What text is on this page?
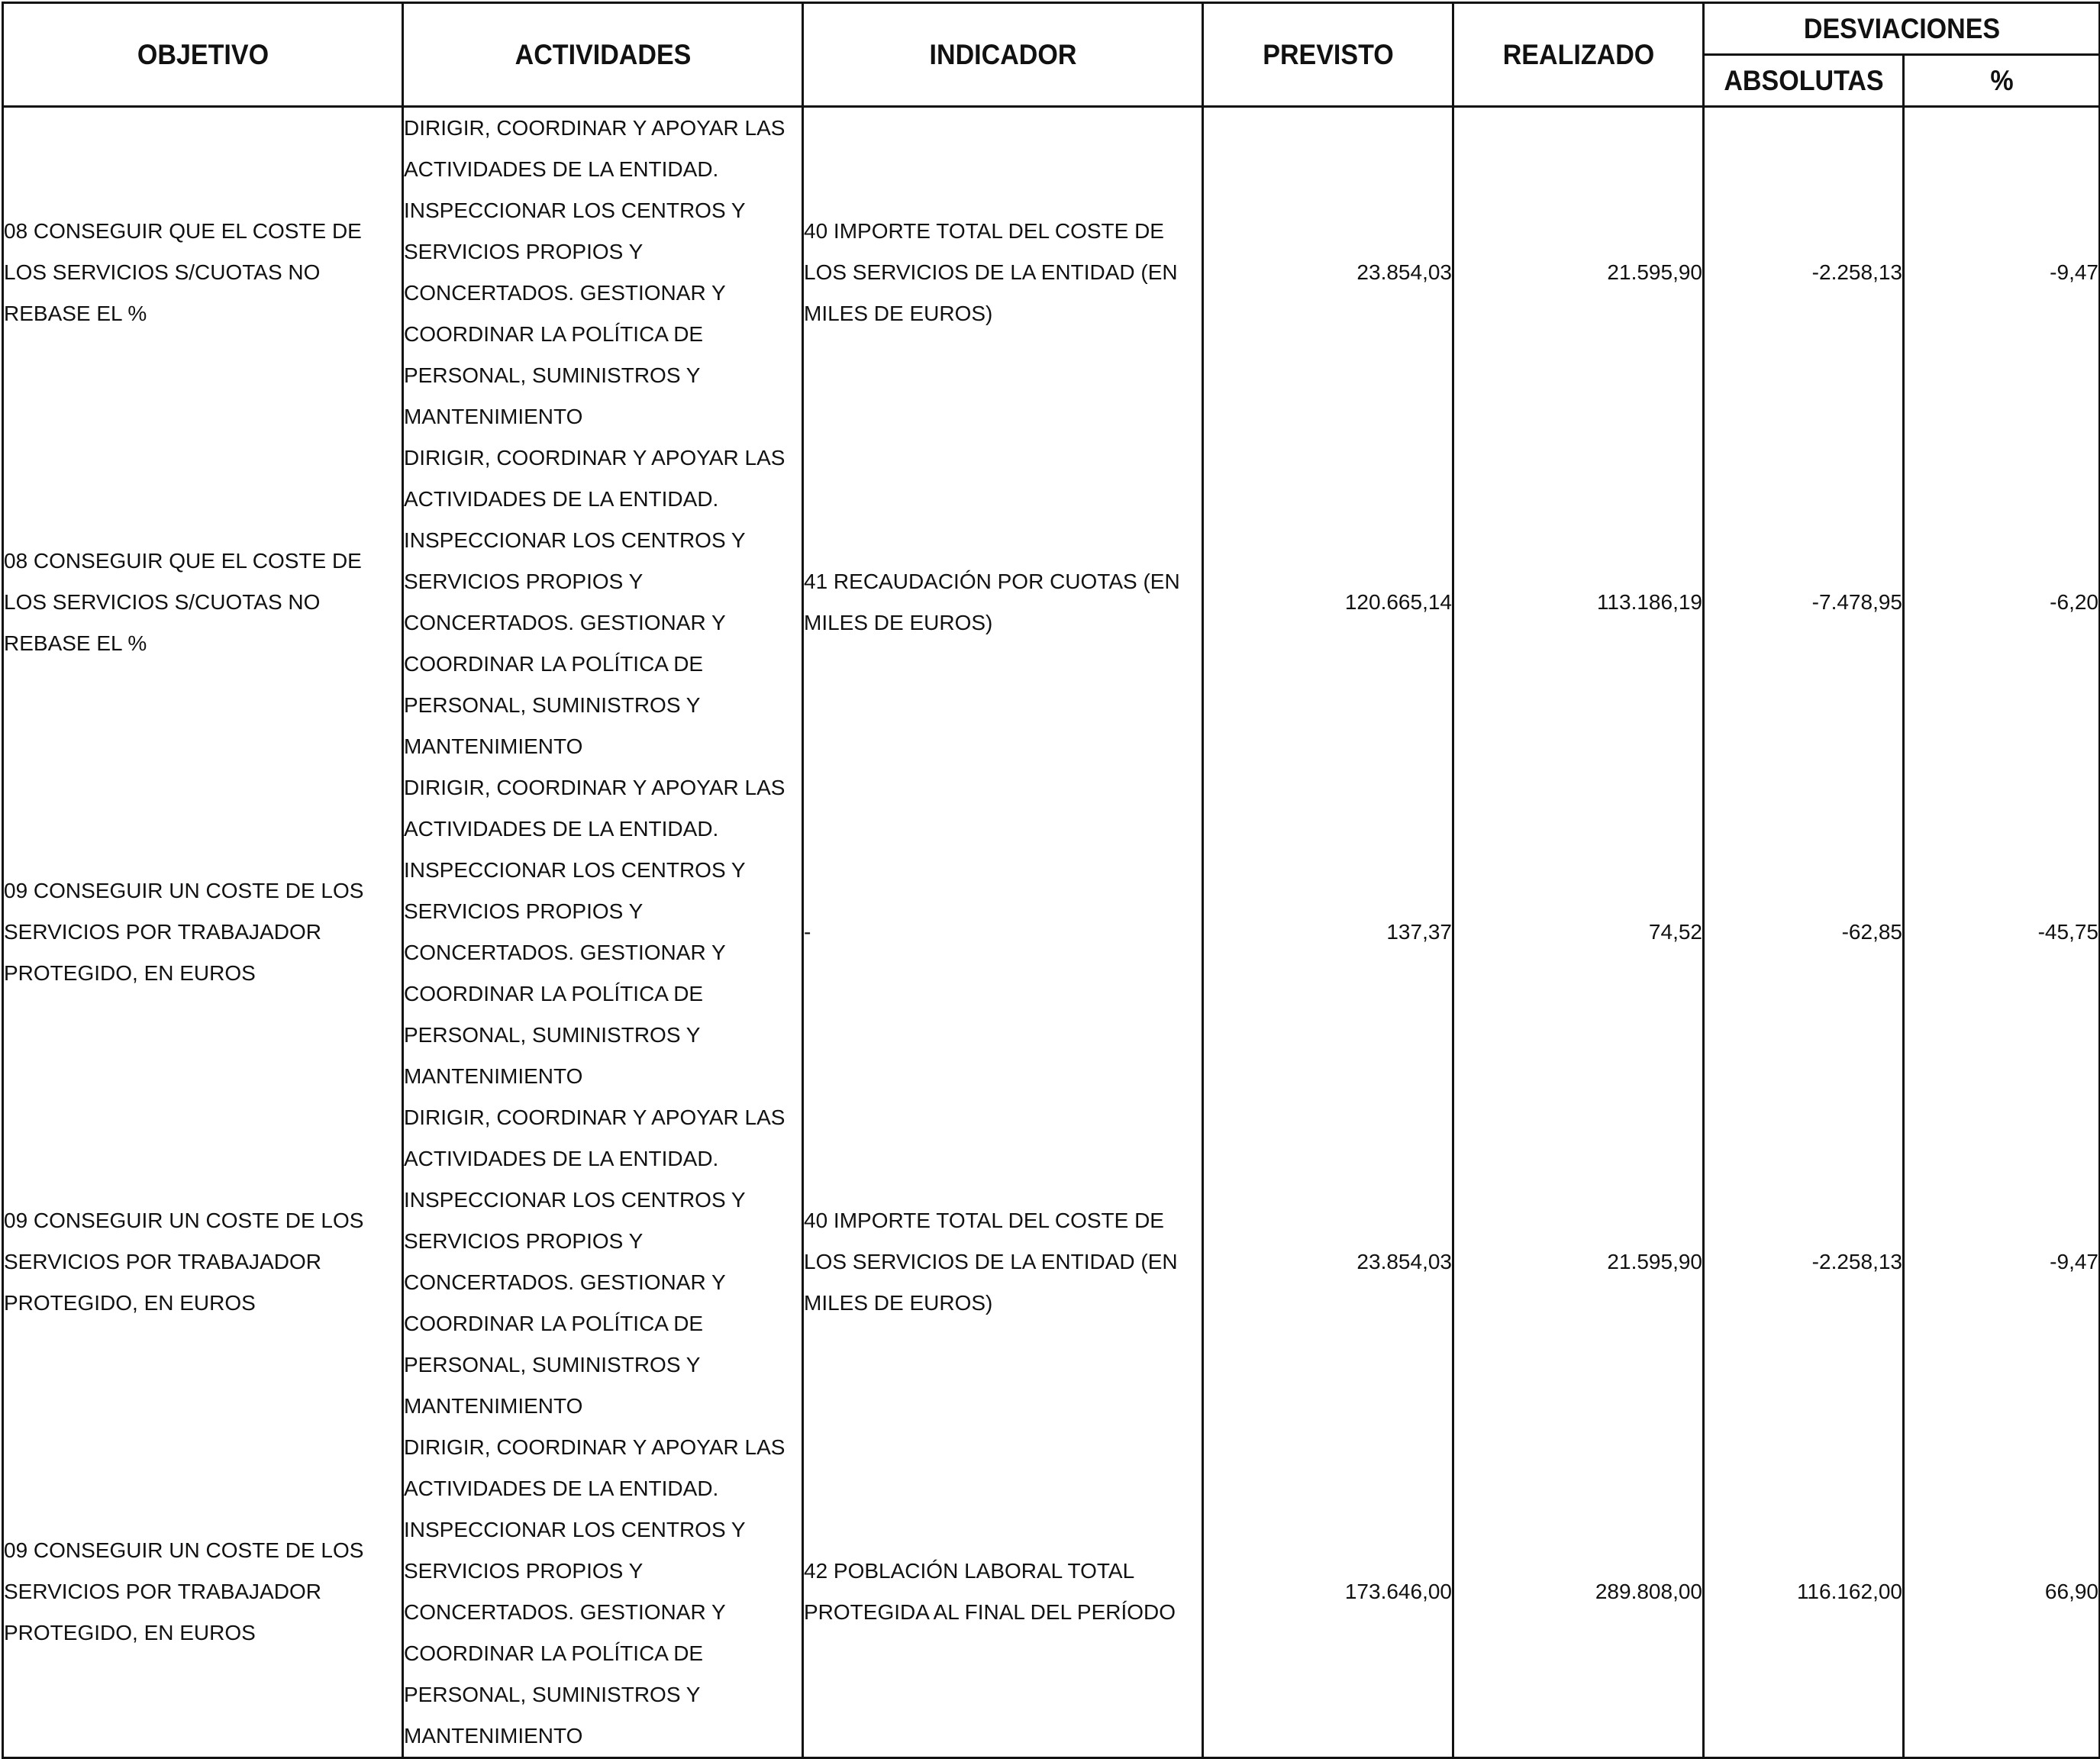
OBJETIVO	ACTIVIDADES	INDICADOR	PREVISTO	REALIZADO	DESVIACIONES	
					ABSOLUTAS	%
08 CONSEGUIR QUE EL COSTE DE LOS SERVICIOS S/CUOTAS NO REBASE EL %	DIRIGIR, COORDINAR Y APOYAR LAS ACTIVIDADES DE LA ENTIDAD. INSPECCIONAR LOS CENTROS Y SERVICIOS PROPIOS Y CONCERTADOS. GESTIONAR Y COORDINAR LA POLÍTICA DE PERSONAL, SUMINISTROS Y MANTENIMIENTO	40 IMPORTE TOTAL DEL COSTE DE LOS SERVICIOS DE LA ENTIDAD (EN MILES DE EUROS)	23.854,03	21.595,90	-2.258,13	-9,47
08 CONSEGUIR QUE EL COSTE DE LOS SERVICIOS S/CUOTAS NO REBASE EL %	DIRIGIR, COORDINAR Y APOYAR LAS ACTIVIDADES DE LA ENTIDAD. INSPECCIONAR LOS CENTROS Y SERVICIOS PROPIOS Y CONCERTADOS. GESTIONAR Y COORDINAR LA POLÍTICA DE PERSONAL, SUMINISTROS Y MANTENIMIENTO	41 RECAUDACIÓN POR CUOTAS (EN MILES DE EUROS)	120.665,14	113.186,19	-7.478,95	-6,20
09 CONSEGUIR UN COSTE DE LOS SERVICIOS POR TRABAJADOR PROTEGIDO, EN EUROS	DIRIGIR, COORDINAR Y APOYAR LAS ACTIVIDADES DE LA ENTIDAD. INSPECCIONAR LOS CENTROS Y SERVICIOS PROPIOS Y CONCERTADOS. GESTIONAR Y COORDINAR LA POLÍTICA DE PERSONAL, SUMINISTROS Y MANTENIMIENTO	-	137,37	74,52	-62,85	-45,75
09 CONSEGUIR UN COSTE DE LOS SERVICIOS POR TRABAJADOR PROTEGIDO, EN EUROS	DIRIGIR, COORDINAR Y APOYAR LAS ACTIVIDADES DE LA ENTIDAD. INSPECCIONAR LOS CENTROS Y SERVICIOS PROPIOS Y CONCERTADOS. GESTIONAR Y COORDINAR LA POLÍTICA DE PERSONAL, SUMINISTROS Y MANTENIMIENTO	40 IMPORTE TOTAL DEL COSTE DE LOS SERVICIOS DE LA ENTIDAD (EN MILES DE EUROS)	23.854,03	21.595,90	-2.258,13	-9,47
09 CONSEGUIR UN COSTE DE LOS SERVICIOS POR TRABAJADOR PROTEGIDO, EN EUROS	DIRIGIR, COORDINAR Y APOYAR LAS ACTIVIDADES DE LA ENTIDAD. INSPECCIONAR LOS CENTROS Y SERVICIOS PROPIOS Y CONCERTADOS. GESTIONAR Y COORDINAR LA POLÍTICA DE PERSONAL, SUMINISTROS Y MANTENIMIENTO	42 POBLACIÓN LABORAL TOTAL PROTEGIDA AL FINAL DEL PERÍODO	173.646,00	289.808,00	116.162,00	66,90
